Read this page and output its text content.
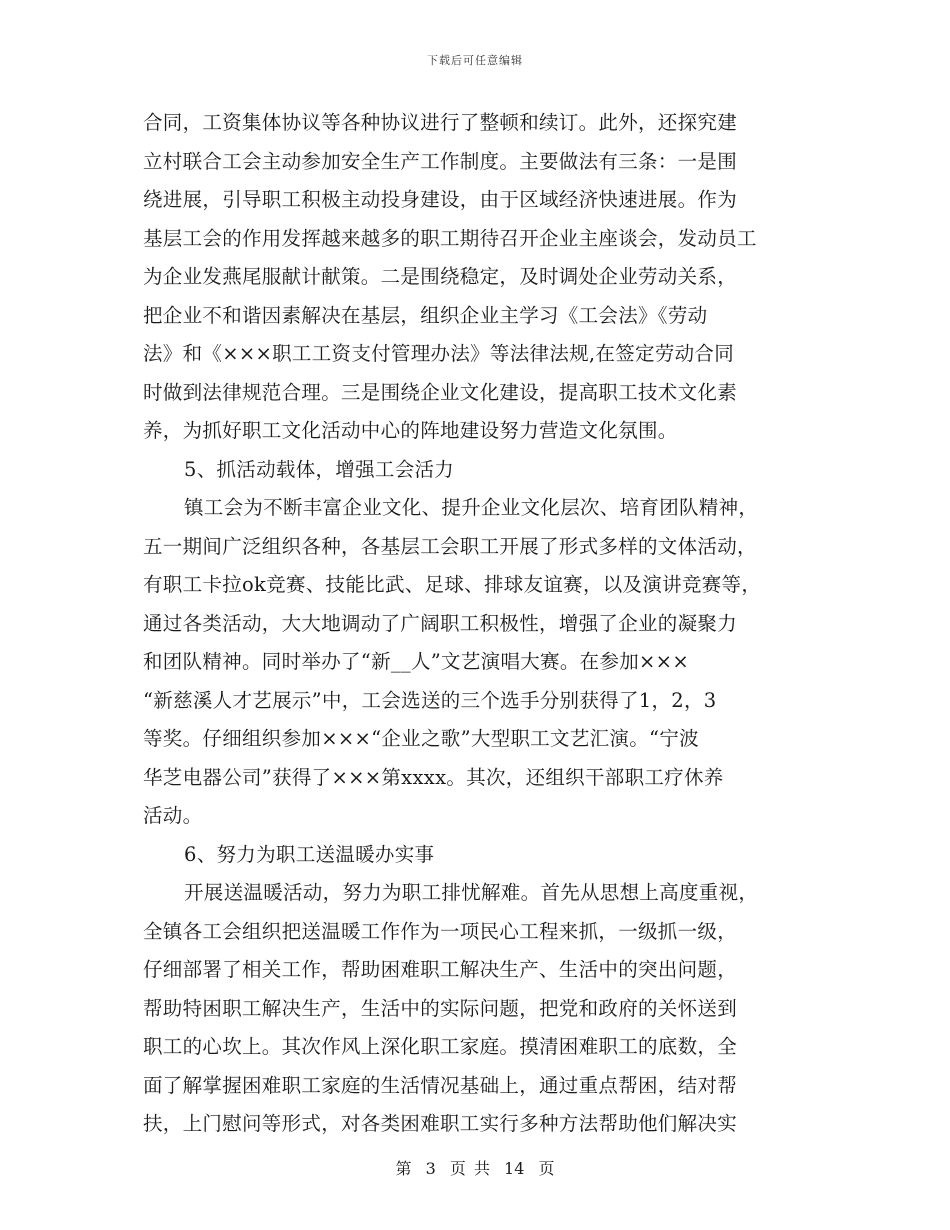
下载后可任意编辑
合同，工资集体协议等各种协议进行了整顿和续订。此外，还探究建
立村联合工会主动参加安全生产工作制度。主要做法有三条：一是围
绕进展，引导职工积极主动投身建设，由于区域经济快速进展。作为
基层工会的作用发挥越来越多的职工期待召开企业主座谈会，发动员工
为企业发燕尾服献计献策。二是围绕稳定，及时调处企业劳动关系，
把企业不和谐因素解决在基层，组织企业主学习《工会法》《劳动
法》和《×××职工工资支付管理办法》等法律法规,在签定劳动合同
时做到法律规范合理。三是围绕企业文化建设，提高职工技术文化素
养，为抓好职工文化活动中心的阵地建设努力营造文化氛围。
5、抓活动载体，增强工会活力
镇工会为不断丰富企业文化、提升企业文化层次、培育团队精神，
五一期间广泛组织各种，各基层工会职工开展了形式多样的文体活动，
有职工卡拉ok竞赛、技能比武、足球、排球友谊赛，以及演讲竞赛等，
通过各类活动，大大地调动了广阔职工积极性，增强了企业的凝聚力
和团队精神。同时举办了“新__人”文艺演唱大赛。在参加×××
“新慈溪人才艺展示”中，工会选送的三个选手分别获得了1，2，3
等奖。仔细组织参加×××“企业之歌”大型职工文艺汇演。“宁波
华芝电器公司”获得了×××第xxxx。其次，还组织干部职工疗休养
活动。
6、努力为职工送温暖办实事
开展送温暖活动，努力为职工排忧解难。首先从思想上高度重视，
全镇各工会组织把送温暖工作作为一项民心工程来抓，一级抓一级，
仔细部署了相关工作，帮助困难职工解决生产、生活中的突出问题，
帮助特困职工解决生产，生活中的实际问题，把党和政府的关怀送到
职工的心坎上。其次作风上深化职工家庭。摸清困难职工的底数，全
面了解掌握困难职工家庭的生活情况基础上，通过重点帮困，结对帮
扶，上门慰问等形式，对各类困难职工实行多种方法帮助他们解决实
第 3 页 共 14 页
